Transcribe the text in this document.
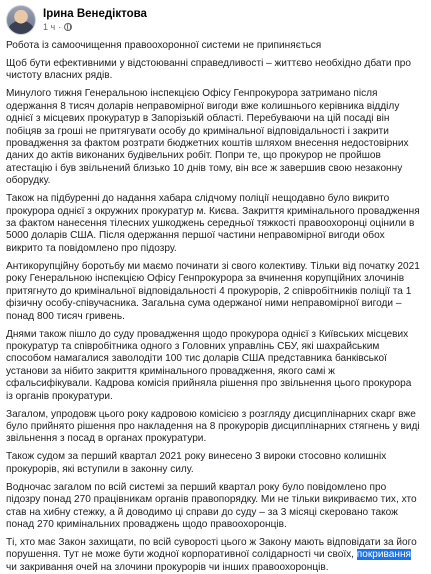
Ірина Венедіктова
1 ч ·

Робота із самоочищення правоохоронної системи не припиняється

Щоб бути ефективними у відстоюванні справедливості – життєво необхідно дбати про чистоту власних рядів.

Минулого тижня Генеральною інспекцією Офісу Генпрокурора затримано після одержання 8 тисяч доларів неправомірної вигоди вже колишнього керівника відділу однієї з місцевих прокуратур в Запорізькій області. Перебуваючи на цій посаді він побіцяв за гроші не притягувати особу до кримінальної відповідальності і закрити провадження за фактом розтрати бюджетних коштів шляхом внесення недостовірних даних до актів виконаних будівельних робіт. Попри те, що прокурор не пройшов атестацію і був звільнений близько 10 днів тому, він все ж завершив свою незаконну оборудку.

Також на підбуренні до надання хабара слідчому поліції нещодавно було викрито прокурора однієї з окружних прокуратур м. Києва. Закриття кримінального провадження за фактом нанесення тілесних ушкоджень середньої тяжкості правоохоронці оцінили в 5000 доларів США. Після одержання першої частини неправомірної вигоди обох викрито та повідомлено про підозру.

Антикорупційну боротьбу ми маємо починати зі свого колективу. Тільки від початку 2021 року Генеральною інспекцією Офісу Генпрокурора за вчинення корупційних злочинів притягнуто до кримінальної відповідальності 4 прокурорів, 2 співробітників поліції та 1 фізичну особу-співучасника. Загальна сума одержаної ними неправомірної вигоди – понад 800 тисяч гривень.

Днями також пішло до суду провадження щодо прокурора однієї з Київських місцевих прокуратур та співробітника одного з Головних управлінь СБУ, які шахрайським способом намагалися заволодіти 100 тис доларів США представника банківської установи за нібито закриття кримінального провадження, якого самі ж сфальсифікували. Кадрова комісія прийняла рішення про звільнення цього прокурора із органів прокуратури.

Загалом, упродовж цього року кадровою комісією з розгляду дисциплінарних скарг вже було прийнято рішення про накладення на 8 прокурорів дисциплінарних стягнень у виді звільнення з посад в органах прокуратури.

Також судом за перший квартал 2021 року винесено 3 вироки стосовно колишніх прокурорів, які вступили в законну силу.

Водночас загалом по всій системі за перший квартал року було повідомлено про підозру понад 270 працівникам органів правопорядку. Ми не тільки викриваємо тих, хто став на хибну стежку, а й доводимо ці справи до суду – за 3 місяці скеровано також понад 270 кримінальних проваджень щодо правоохоронців.

Ті, хто має Закон захищати, по всій суворості цього ж Закону мають відповідати за його порушення. Тут не може бути жодної корпоративної солідарності чи своїх, покривання чи закривання очей на злочини прокурорів чи інших правоохоронців.
